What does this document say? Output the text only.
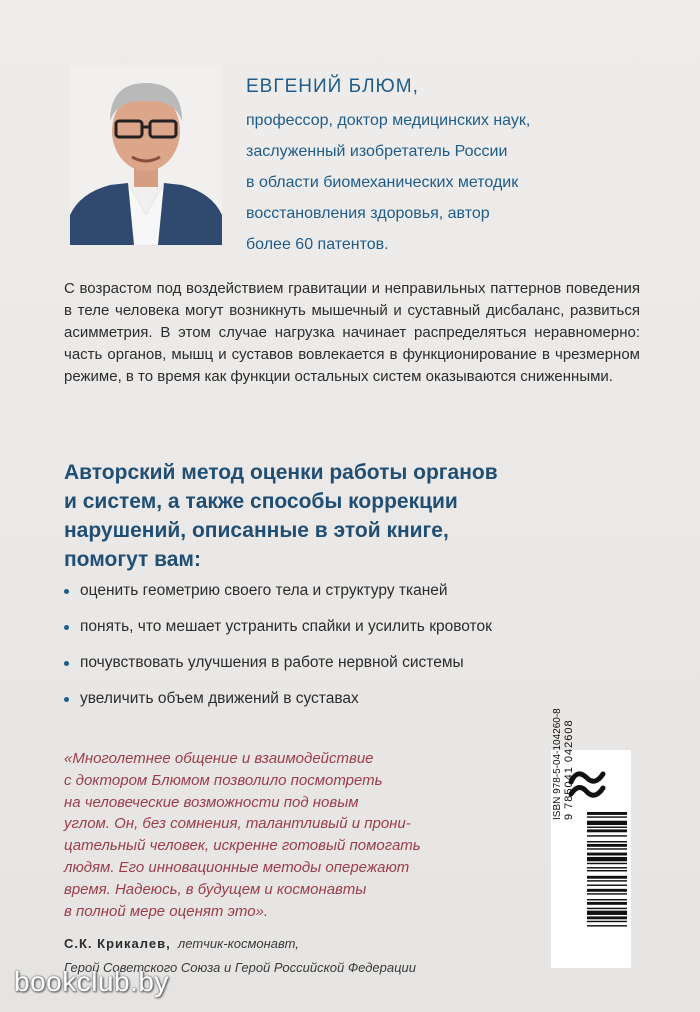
ЕВГЕНИЙ БЛЮМ,
профессор, доктор медицинских наук,
заслуженный изобретатель России
в области биомеханических методик
восстановления здоровья, автор
более 60 патентов.
С возрастом под воздействием гравитации и неправильных паттернов поведения в теле человека могут возникнуть мышечный и суставный дисбаланс, развиться асимметрия. В этом случае нагрузка начинает распределяться неравномерно: часть органов, мышц и суставов вовлекается в функционирование в чрезмерном режиме, в то время как функции остальных систем оказываются сниженными.
Авторский метод оценки работы органов
и систем, а также способы коррекции
нарушений, описанные в этой книге,
помогут вам:
оценить геометрию своего тела и структуру тканей
понять, что мешает устранить спайки и усилить кровоток
почувствовать улучшения в работе нервной системы
увеличить объем движений в суставах
«Многолетнее общение и взаимодействие
с доктором Блюмом позволило посмотреть
на человеческие возможности под новым
углом. Он, без сомнения, талантливый и прони-
цательный человек, искренне готовый помогать
людям. Его инновационные методы опережают
время. Надеюсь, в будущем и космонавты
в полной мере оценят это».
С.К. Крикалев, летчик-космонавт,
Герой Советского Союза и Герой Российской Федерации
ISBN 978-5-04-104260-8 9 785041 042608
bookclub.by
